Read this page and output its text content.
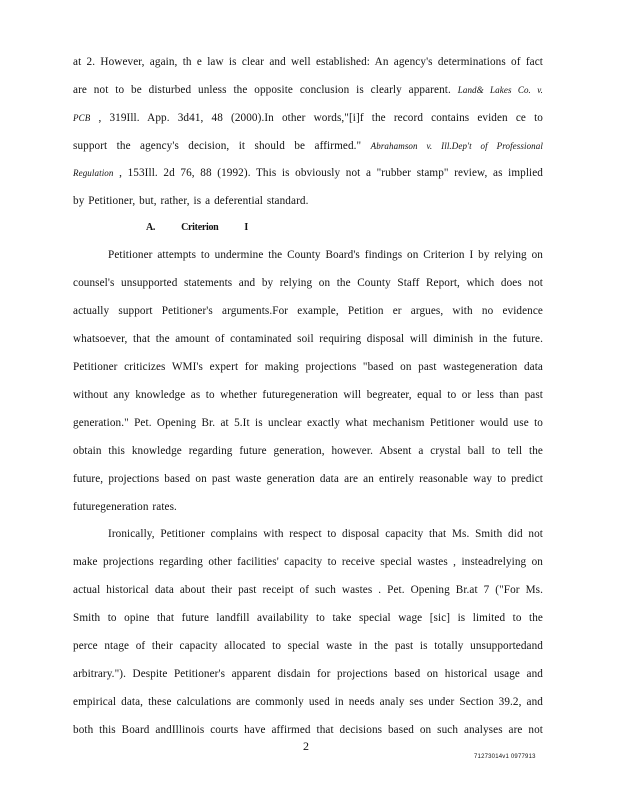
at 2. However, again, th e law is clear and well established: An agency's determinations of fact
are not to be disturbed unless the opposite conclusion is clearly apparent. Land& Lakes Co. v.
PCB , 319Ill. App. 3d41, 48 (2000).In other words,"[i]f the record contains eviden ce to
support the agency's decision, it should be affirmed." Abrahamson v. Ill.Dep't of Professional
Regulation , 153Ill. 2d 76, 88 (1992). This is obviously not a "rubber stamp" review, as implied
by Petitioner, but, rather, is a deferential standard.
A.	Criterion	I
Petitioner attempts to undermine the County Board's findings on Criterion I by relying on
counsel's unsupported statements and by relying on the County Staff Report, which does not
actually support Petitioner's arguments.For example, Petition er argues, with no evidence
whatsoever, that the amount of contaminated soil requiring disposal will diminish in the future.
Petitioner criticizes WMI's expert for making projections "based on past wastegeneration data
without any knowledge as to whether futuregeneration will begreater, equal to or less than past
generation." Pet. Opening Br. at 5.It is unclear exactly what mechanism Petitioner would use to
obtain this knowledge regarding future generation, however. Absent a crystal ball to tell the
future, projections based on past waste generation data are an entirely reasonable way to predict
futuregeneration rates.
Ironically, Petitioner complains with respect to disposal capacity that Ms. Smith did not
make projections regarding other facilities' capacity to receive special wastes , insteadrelying on
actual historical data about their past receipt of such wastes . Pet. Opening Br.at 7 ("For Ms.
Smith to opine that future landfill availability to take special wage [sic] is limited to the
perce ntage of their capacity allocated to special waste in the past is totally unsupportedand
arbitrary."). Despite Petitioner's apparent disdain for projections based on historical usage and
empirical data, these calculations are commonly used in needs analy ses under Section 39.2, and
both this Board andIllinois courts have affirmed that decisions based on such analyses are not
2
71273014v1 0977913
